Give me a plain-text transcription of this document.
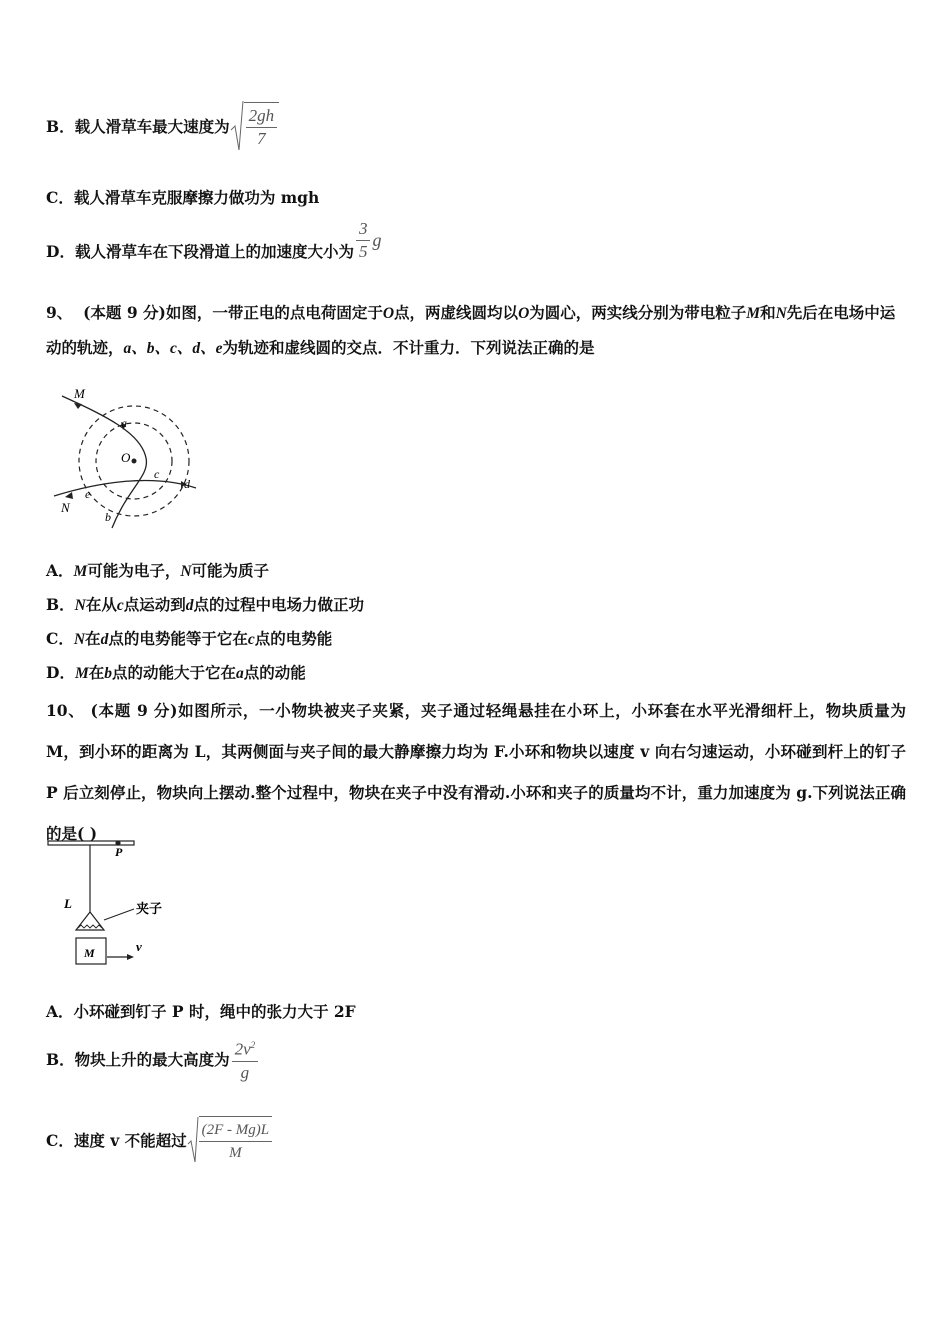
B．载人滑草车最大速度为 $\frac{2gh}{7}$
C．载人滑草车克服摩擦力做功为 mgh
D．载人滑草车在下段滑道上的加速度大小为 $\frac{3}{5}$ g
9、 (本题 9 分)如图，一带正电的点电荷固定于O点，两虚线圆均以O为圆心，两实线分别为带电粒子M和N先后在电场中运动的轨迹，a、b、c、d、e为轨迹和虚线圆的交点．不计重力．下列说法正确的是
M
N
O
a
b
c
d
e
A．M可能为电子，N可能为质子
B．N在从c点运动到d点的过程中电场力做正功
C．N在d点的电势能等于它在c点的电势能
D．M在b点的动能大于它在a点的动能
10、 (本题 9 分)如图所示，一小物块被夹子夹紧，夹子通过轻绳悬挂在小环上，小环套在水平光滑细杆上，物块质量为 M，到小环的距离为 L，其两侧面与夹子间的最大静摩擦力均为 F.小环和物块以速度 v 向右匀速运动，小环碰到杆上的钉子 P 后立刻停止，物块向上摆动.整个过程中，物块在夹子中没有滑动.小环和夹子的质量均不计，重力加速度为 g.下列说法正确的是( )
P
L	夹子
M	v
A．小环碰到钉子 P 时，绳中的张力大于 2F
B．物块上升的最大高度为 $\frac{2v^2}{g}$
C．速度 v 不能超过 $\frac{(2F - Mg)L}{M}$
